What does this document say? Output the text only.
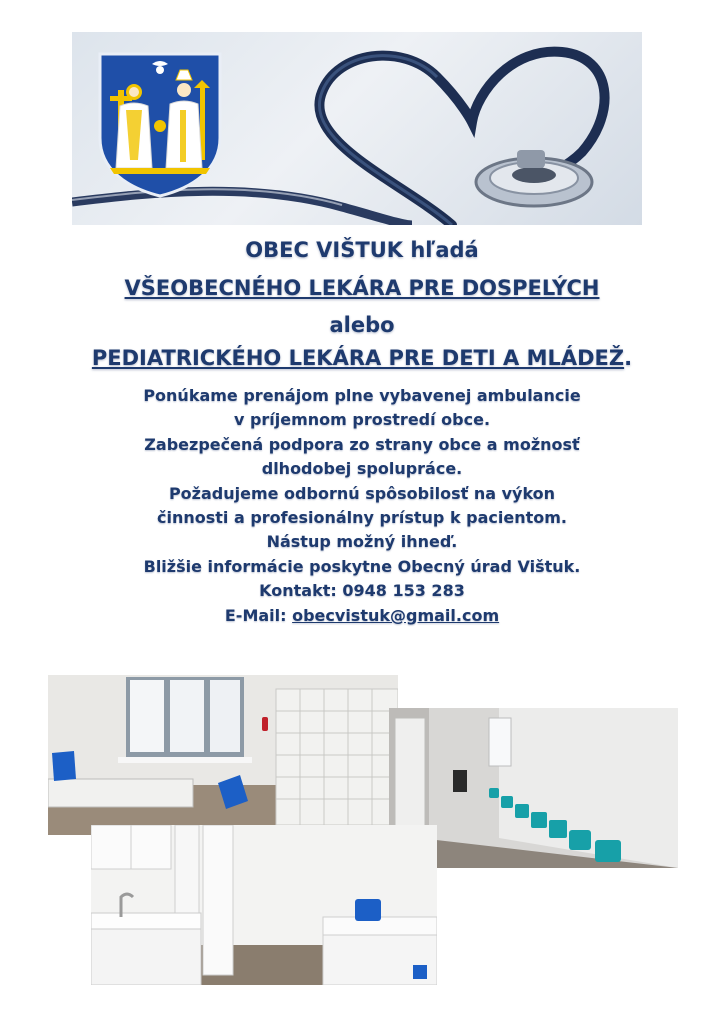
OBEC VIŠTUK hľadá
VŠEOBECNÉHO LEKÁRA PRE DOSPELÝCH
alebo
PEDIATRICKÉHO LEKÁRA PRE DETI A MLÁDEŽ.
Ponúkame prenájom plne vybavenej ambulancie
v príjemnom prostredí obce.
Zabezpečená podpora zo strany obce a možnosť
dlhodobej spolupráce.
Požadujeme odbornú spôsobilosť na výkon
činnosti a profesionálny prístup k pacientom.
Nástup možný ihneď.
Bližšie informácie poskytne Obecný úrad Vištuk.
Kontakt: 0948 153 283
E-Mail: obecvistuk@gmail.com
